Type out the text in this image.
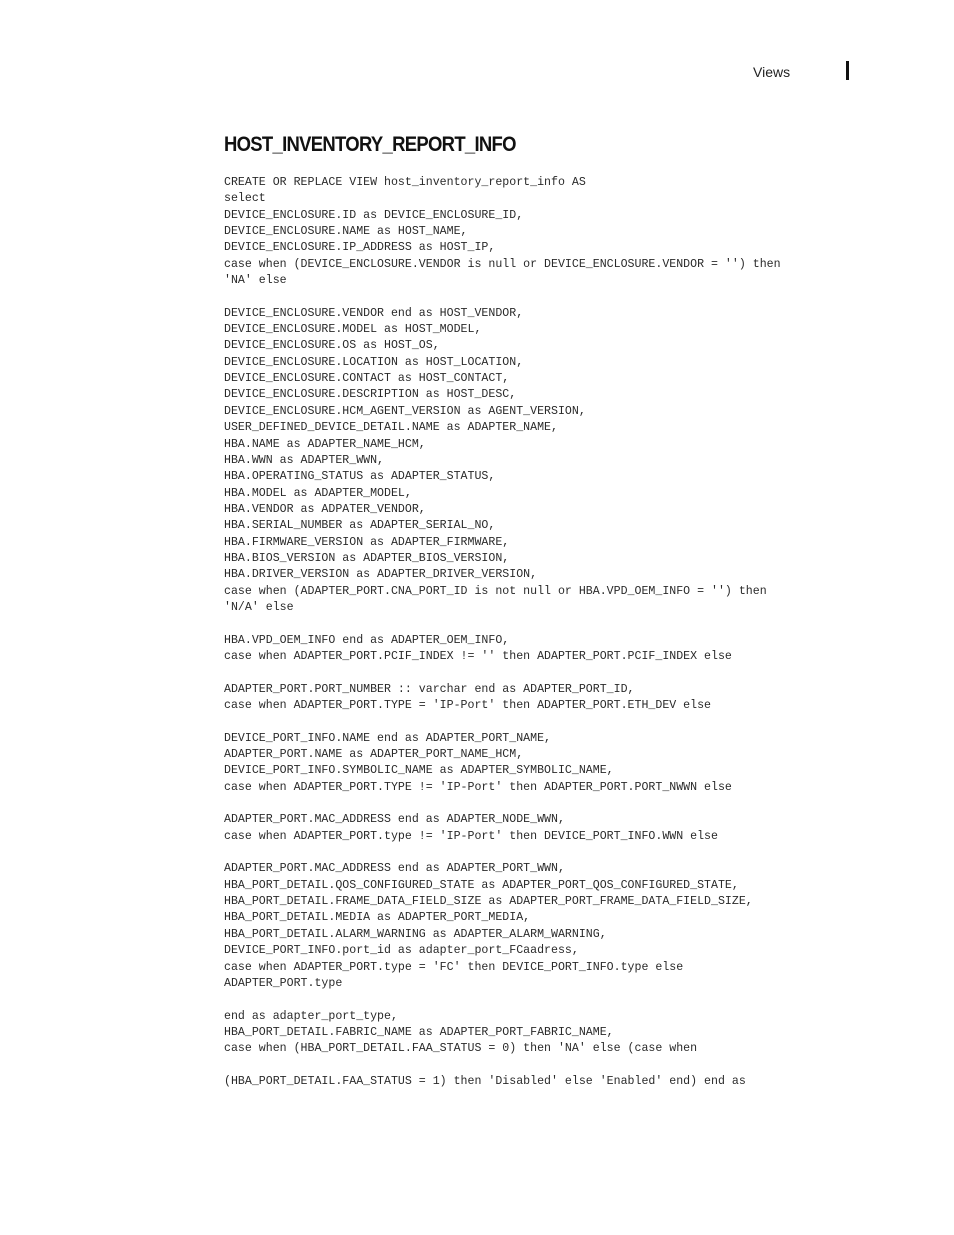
Views
HOST_INVENTORY_REPORT_INFO
CREATE OR REPLACE VIEW host_inventory_report_info AS
select
DEVICE_ENCLOSURE.ID as DEVICE_ENCLOSURE_ID,
DEVICE_ENCLOSURE.NAME as HOST_NAME,
DEVICE_ENCLOSURE.IP_ADDRESS as HOST_IP,
case when (DEVICE_ENCLOSURE.VENDOR is null or DEVICE_ENCLOSURE.VENDOR = '') then
'NA' else
DEVICE_ENCLOSURE.VENDOR end as HOST_VENDOR,
DEVICE_ENCLOSURE.MODEL as HOST_MODEL,
DEVICE_ENCLOSURE.OS as HOST_OS,
DEVICE_ENCLOSURE.LOCATION as HOST_LOCATION,
DEVICE_ENCLOSURE.CONTACT as HOST_CONTACT,
DEVICE_ENCLOSURE.DESCRIPTION as HOST_DESC,
DEVICE_ENCLOSURE.HCM_AGENT_VERSION as AGENT_VERSION,
USER_DEFINED_DEVICE_DETAIL.NAME as ADAPTER_NAME,
HBA.NAME as ADAPTER_NAME_HCM,
HBA.WWN as ADAPTER_WWN,
HBA.OPERATING_STATUS as ADAPTER_STATUS,
HBA.MODEL as ADAPTER_MODEL,
HBA.VENDOR as ADPATER_VENDOR,
HBA.SERIAL_NUMBER as ADAPTER_SERIAL_NO,
HBA.FIRMWARE_VERSION as ADAPTER_FIRMWARE,
HBA.BIOS_VERSION as ADAPTER_BIOS_VERSION,
HBA.DRIVER_VERSION as ADAPTER_DRIVER_VERSION,
case when (ADAPTER_PORT.CNA_PORT_ID is not null or HBA.VPD_OEM_INFO = '') then
'N/A' else
HBA.VPD_OEM_INFO end as ADAPTER_OEM_INFO,
case when ADAPTER_PORT.PCIF_INDEX != '' then ADAPTER_PORT.PCIF_INDEX else
ADAPTER_PORT.PORT_NUMBER :: varchar end as ADAPTER_PORT_ID,
case when ADAPTER_PORT.TYPE = 'IP-Port' then ADAPTER_PORT.ETH_DEV else
DEVICE_PORT_INFO.NAME end as ADAPTER_PORT_NAME,
ADAPTER_PORT.NAME as ADAPTER_PORT_NAME_HCM,
DEVICE_PORT_INFO.SYMBOLIC_NAME as ADAPTER_SYMBOLIC_NAME,
case when ADAPTER_PORT.TYPE != 'IP-Port' then ADAPTER_PORT.PORT_NWWN else
ADAPTER_PORT.MAC_ADDRESS end as ADAPTER_NODE_WWN,
case when ADAPTER_PORT.type != 'IP-Port' then DEVICE_PORT_INFO.WWN else
ADAPTER_PORT.MAC_ADDRESS end as ADAPTER_PORT_WWN,
HBA_PORT_DETAIL.QOS_CONFIGURED_STATE as ADAPTER_PORT_QOS_CONFIGURED_STATE,
HBA_PORT_DETAIL.FRAME_DATA_FIELD_SIZE as ADAPTER_PORT_FRAME_DATA_FIELD_SIZE,
HBA_PORT_DETAIL.MEDIA as ADAPTER_PORT_MEDIA,
HBA_PORT_DETAIL.ALARM_WARNING as ADAPTER_ALARM_WARNING,
DEVICE_PORT_INFO.port_id as adapter_port_FCaadress,
case when ADAPTER_PORT.type = 'FC' then DEVICE_PORT_INFO.type else
ADAPTER_PORT.type
end as adapter_port_type,
HBA_PORT_DETAIL.FABRIC_NAME as ADAPTER_PORT_FABRIC_NAME,
case when (HBA_PORT_DETAIL.FAA_STATUS = 0) then 'NA' else (case when
(HBA_PORT_DETAIL.FAA_STATUS = 1) then 'Disabled' else 'Enabled' end) end as
